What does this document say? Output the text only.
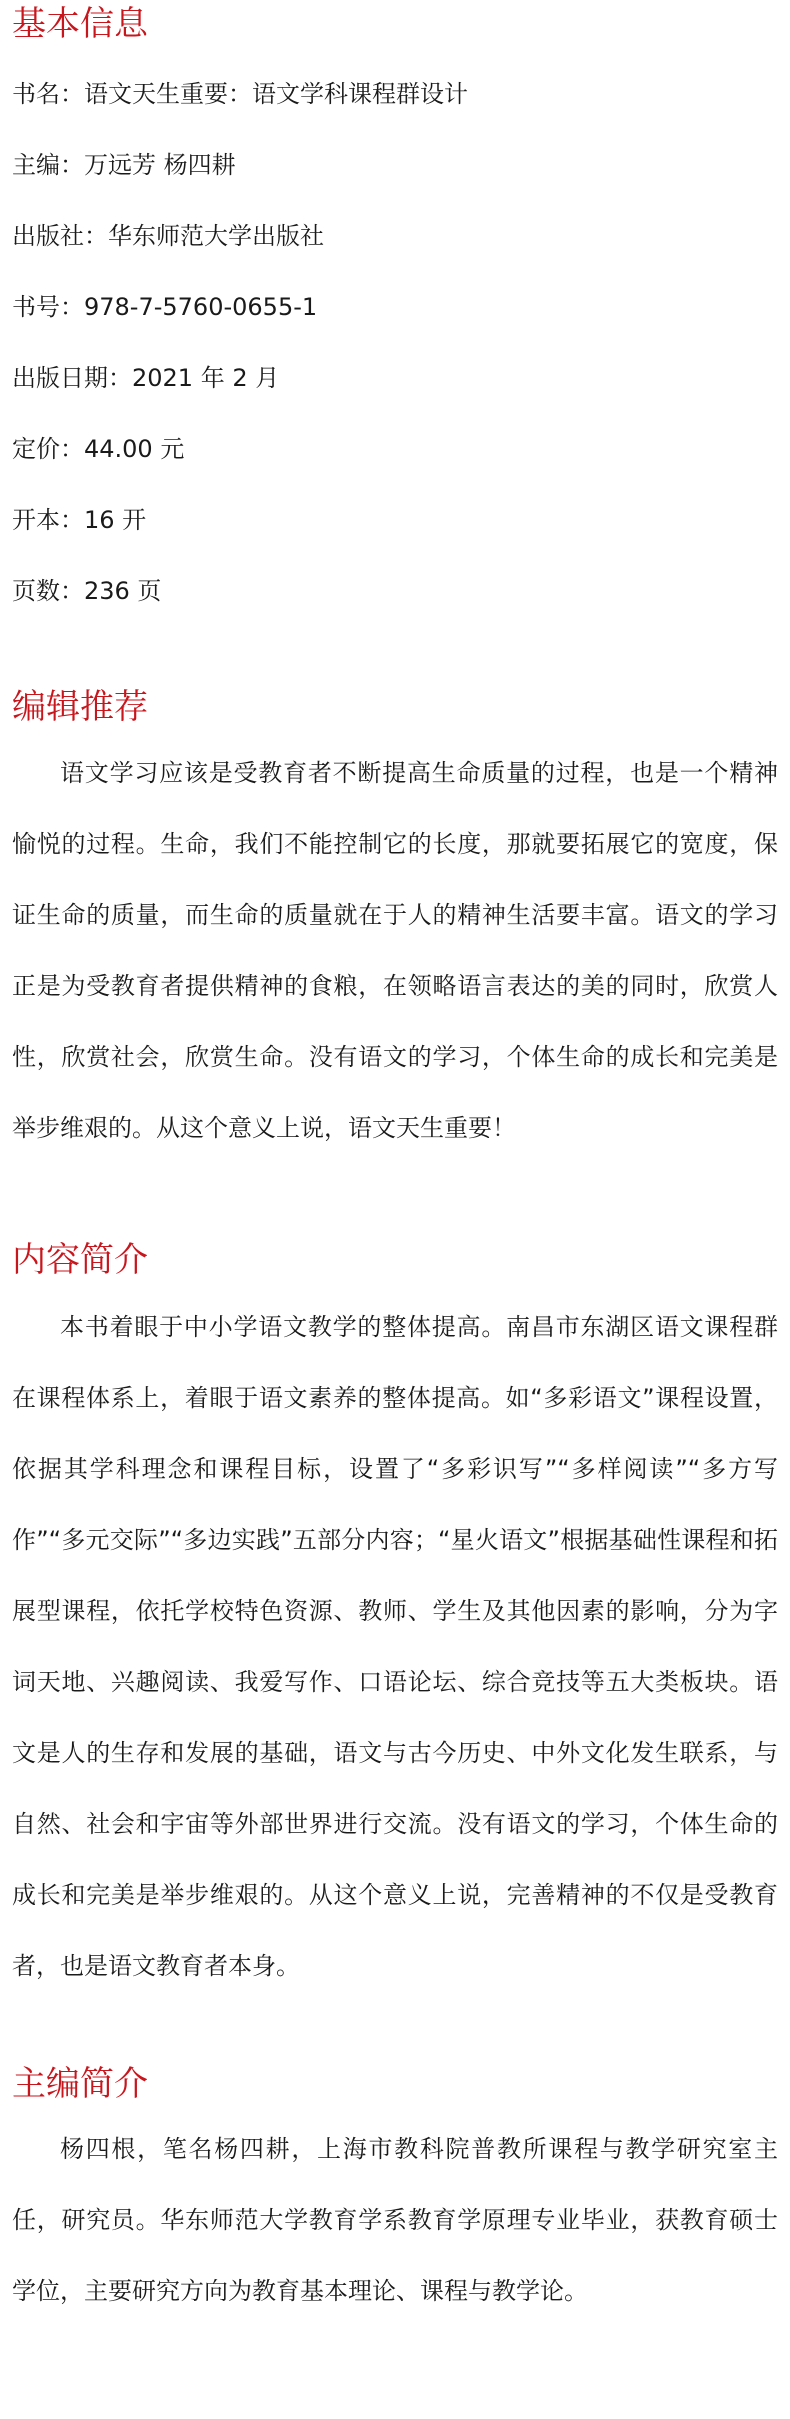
基本信息

书名：语文天生重要：语文学科课程群设计

主编：万远芳 杨四耕

出版社：华东师范大学出版社

书号：978-7-5760-0655-1

出版日期：2021 年 2 月

定价：44.00 元

开本：16 开

页数：236 页

编辑推荐

语文学习应该是受教育者不断提高生命质量的过程，也是一个精神愉悦的过程。生命，我们不能控制它的长度，那就要拓展它的宽度，保证生命的质量，而生命的质量就在于人的精神生活要丰富。语文的学习正是为受教育者提供精神的食粮，在领略语言表达的美的同时，欣赏人性，欣赏社会，欣赏生命。没有语文的学习，个体生命的成长和完美是举步维艰的。从这个意义上说，语文天生重要！

内容简介

本书着眼于中小学语文教学的整体提高。南昌市东湖区语文课程群在课程体系上，着眼于语文素养的整体提高。如“多彩语文”课程设置，依据其学科理念和课程目标，设置了“多彩识写”“多样阅读”“多方写作”“多元交际”“多边实践”五部分内容；“星火语文”根据基础性课程和拓展型课程，依托学校特色资源、教师、学生及其他因素的影响，分为字词天地、兴趣阅读、我爱写作、口语论坛、综合竞技等五大类板块。语文是人的生存和发展的基础，语文与古今历史、中外文化发生联系，与自然、社会和宇宙等外部世界进行交流。没有语文的学习，个体生命的成长和完美是举步维艰的。从这个意义上说，完善精神的不仅是受教育者，也是语文教育者本身。

主编简介

杨四根，笔名杨四耕，上海市教科院普教所课程与教学研究室主任，研究员。华东师范大学教育学系教育学原理专业毕业，获教育硕士学位，主要研究方向为教育基本理论、课程与教学论。
